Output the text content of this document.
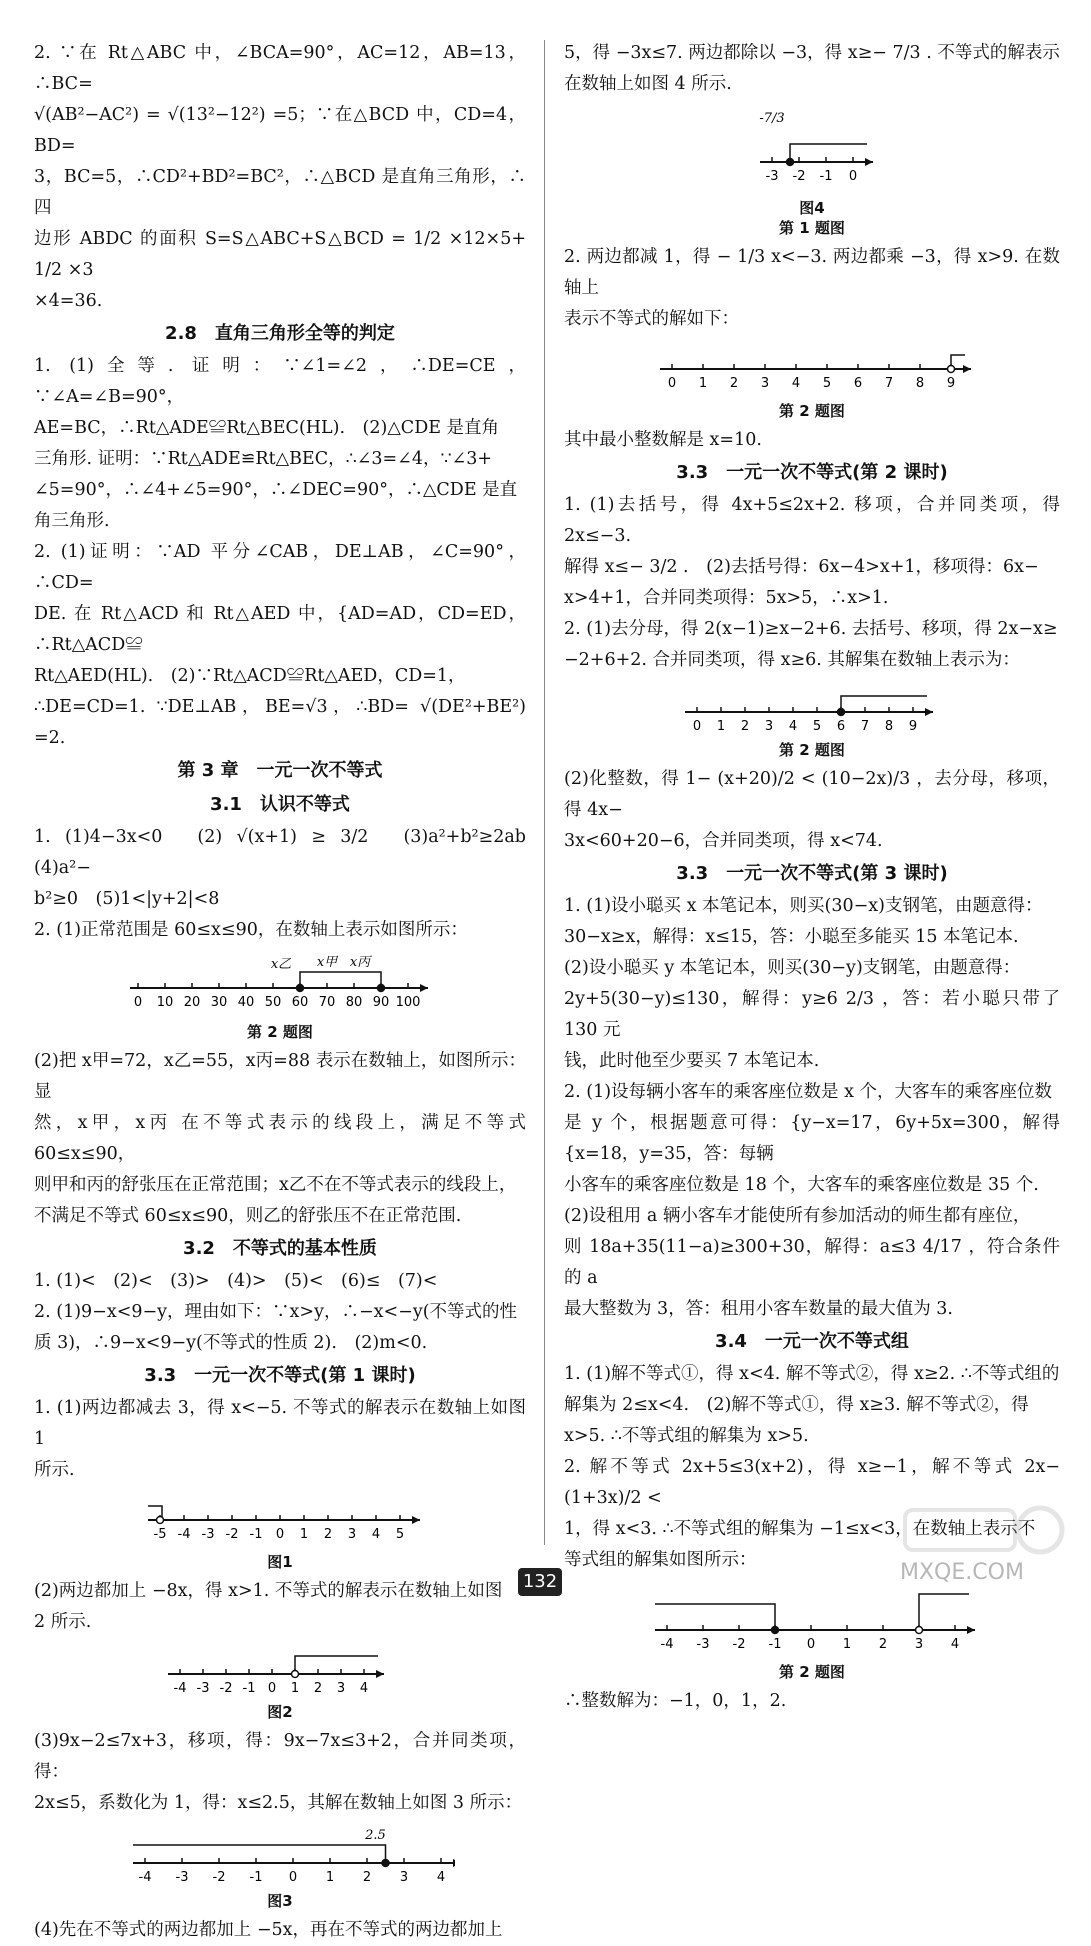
2. ∵在 Rt△ABC 中，∠BCA=90°，AC=12，AB=13，∴BC=
√(AB²−AC²) = √(13²−12²) =5；∵在△BCD 中，CD=4，BD=
3，BC=5，∴CD²+BD²=BC²，∴△BCD 是直角三角形，∴四
边形 ABDC 的面积 S=S△ABC+S△BCD = 1/2 ×12×5+ 1/2 ×3
×4=36.
2.8　直角三角形全等的判定
1. (1)全等. 证明：∵∠1=∠2，∴DE=CE，∵∠A=∠B=90°，
AE=BC，∴Rt△ADE≌Rt△BEC(HL).　(2)△CDE 是直角
三角形. 证明：∵Rt△ADE≌Rt△BEC，∴∠3=∠4，∵∠3+
∠5=90°，∴∠4+∠5=90°，∴∠DEC=90°，∴△CDE 是直
角三角形.
2. (1)证明：∵AD 平分∠CAB，DE⊥AB，∠C=90°，∴CD=
DE. 在 Rt△ACD 和 Rt△AED 中，{AD=AD，CD=ED，∴Rt△ACD≌
Rt△AED(HL).　(2)∵Rt△ACD≌Rt△AED，CD=1，
∴DE=CD=1. ∵DE⊥AB，BE=√3，∴BD= √(DE²+BE²) =2.
第 3 章　一元一次不等式
3.1　认识不等式
1. (1)4−3x<0　(2) √(x+1) ≥ 3/2　(3)a²+b²≥2ab　(4)a²−
b²≥0　(5)1<|y+2|<8
2. (1)正常范围是 60≤x≤90，在数轴上表示如图所示：
0 10 20 30 40 50 60 70 80 90 100
x乙 x甲 x丙
第 2 题图
(2)把 x甲=72，x乙=55，x丙=88 表示在数轴上，如图所示：显
然，x甲，x丙 在不等式表示的线段上，满足不等式 60≤x≤90，
则甲和丙的舒张压在正常范围；x乙不在不等式表示的线段上，
不满足不等式 60≤x≤90，则乙的舒张压不在正常范围.
3.2　不等式的基本性质
1. (1)<　(2)<　(3)>　(4)>　(5)<　(6)≤　(7)<
2. (1)9−x<9−y，理由如下：∵x>y，∴−x<−y(不等式的性
质 3)，∴9−x<9−y(不等式的性质 2).　(2)m<0.
3.3　一元一次不等式(第 1 课时)
1. (1)两边都减去 3，得 x<−5. 不等式的解表示在数轴上如图 1
所示.
-5 -4 -3 -2 -1 0 1 2 3 4 5
图1
(2)两边都加上 −8x，得 x>1. 不等式的解表示在数轴上如图
2 所示.
-4 -3 -2 -1 0 1 2 3 4
图2
(3)9x−2≤7x+3，移项，得：9x−7x≤3+2，合并同类项，得：
2x≤5，系数化为 1，得：x≤2.5，其解在数轴上如图 3 所示：
-4 -3 -2 -1 0 1 2 3 4
2.5
图3
(4)先在不等式的两边都加上 −5x，再在不等式的两边都加上
5，得 −3x≤7. 两边都除以 −3，得 x≥− 7/3 . 不等式的解表示
在数轴上如图 4 所示.
-3 -2 -1 0
-7/3
图4
第 1 题图
2. 两边都减 1，得 − 1/3 x<−3. 两边都乘 −3，得 x>9. 在数轴上
表示不等式的解如下：
0 1 2 3 4 5 6 7 8 9
第 2 题图
其中最小整数解是 x=10.
3.3　一元一次不等式(第 2 课时)
1. (1)去括号，得 4x+5≤2x+2. 移项，合并同类项，得 2x≤−3.
解得 x≤− 3/2 .　(2)去括号得：6x−4>x+1，移项得：6x−
x>4+1，合并同类项得：5x>5，∴x>1.
2. (1)去分母，得 2(x−1)≥x−2+6. 去括号、移项，得 2x−x≥
−2+6+2. 合并同类项，得 x≥6. 其解集在数轴上表示为：
0 1 2 3 4 5 6 7 8 9
第 2 题图
(2)化整数，得 1− (x+20)/2 < (10−2x)/3 ，去分母，移项，得 4x−
3x<60+20−6，合并同类项，得 x<74.
3.3　一元一次不等式(第 3 课时)
1. (1)设小聪买 x 本笔记本，则买(30−x)支钢笔，由题意得：
30−x≥x，解得：x≤15，答：小聪至多能买 15 本笔记本.
(2)设小聪买 y 本笔记本，则买(30−y)支钢笔，由题意得：
2y+5(30−y)≤130，解得：y≥6 2/3 ，答：若小聪只带了 130 元
钱，此时他至少要买 7 本笔记本.
2. (1)设每辆小客车的乘客座位数是 x 个，大客车的乘客座位数
是 y 个，根据题意可得：{y−x=17，6y+5x=300，解得{x=18，y=35，答：每辆
小客车的乘客座位数是 18 个，大客车的乘客座位数是 35 个.
(2)设租用 a 辆小客车才能使所有参加活动的师生都有座位，
则 18a+35(11−a)≥300+30，解得：a≤3 4/17 ，符合条件的 a
最大整数为 3，答：租用小客车数量的最大值为 3.
3.4　一元一次不等式组
1. (1)解不等式①，得 x<4. 解不等式②，得 x≥2. ∴不等式组的
解集为 2≤x<4.　(2)解不等式①，得 x≥3. 解不等式②，得
x>5. ∴不等式组的解集为 x>5.
2. 解不等式 2x+5≤3(x+2)，得 x≥−1，解不等式 2x− (1+3x)/2 <
1，得 x<3. ∴不等式组的解集为 −1≤x<3，在数轴上表示不
等式组的解集如图所示：
-4 -3 -2 -1 0 1 2 3 4
第 2 题图
∴整数解为：−1，0，1，2.
132	MXQE.COM
